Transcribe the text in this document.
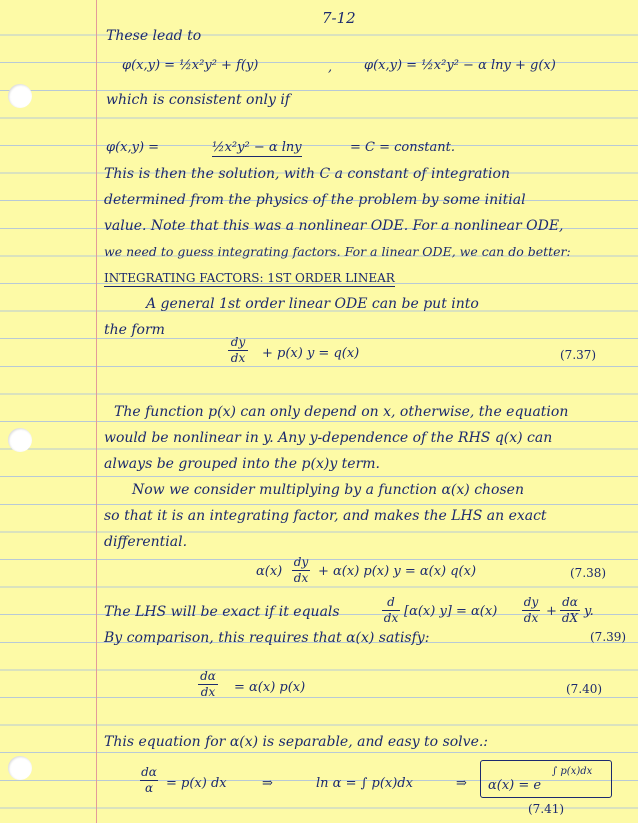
7-12
These lead to
φ(x,y) = ½x²y² + f(y)	, φ(x,y) = ½x²y² − α lny + g(x)
which is consistent only if
φ(x,y) =	½x²y² − α lny	= C = constant.
This is then the solution, with C a constant of integration
determined from the physics of the problem by some initial
value. Note that this was a nonlinear ODE. For a nonlinear ODE,
we need to guess integrating factors. For a linear ODE, we can do better:
INTEGRATING FACTORS: 1ST ORDER LINEAR
A general 1st order linear ODE can be put into
the form
dy
dx + p(x) y = q(x)	(7.37)
The function p(x) can only depend on x, otherwise, the equation
would be nonlinear in y. Any y-dependence of the RHS q(x) can
always be grouped into the p(x)y term.
Now we consider multiplying by a function α(x) chosen
so that it is an integrating factor, and makes the LHS an exact
differential.
α(x)
dy
dx + α(x) p(x) y = α(x) q(x)	(7.38)
The LHS will be exact if it equals
d
dx [α(x) y] = α(x)
dy
dx +
dα
dX y.
(7.39)
By comparison, this requires that α(x) satisfy:
dα
dx = α(x) p(x)	(7.40)
This equation for α(x) is separable, and easy to solve.:
dα
α = p(x) dx	⇒	ln α = ∫ p(x)dx	⇒ α(x) = e
∫ p(x)dx
(7.41)
